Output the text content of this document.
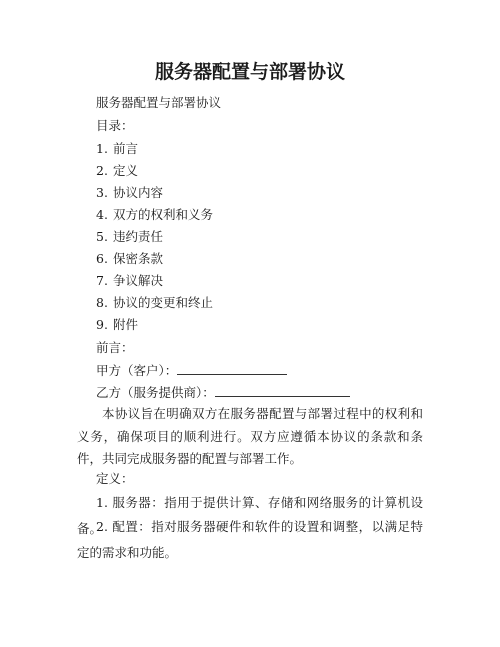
服务器配置与部署协议
服务器配置与部署协议
目录：
1. 前言
2. 定义
3. 协议内容
4. 双方的权利和义务
5. 违约责任
6. 保密条款
7. 争议解决
8. 协议的变更和终止
9. 附件
前言：
甲方（客户）：
乙方（服务提供商）：
本协议旨在明确双方在服务器配置与部署过程中的权利和义务，确保项目的顺利进行。双方应遵循本协议的条款和条件，共同完成服务器的配置与部署工作。
定义：
1. 服务器：指用于提供计算、存储和网络服务的计算机设备。
2. 配置：指对服务器硬件和软件的设置和调整，以满足特定的需求和功能。
